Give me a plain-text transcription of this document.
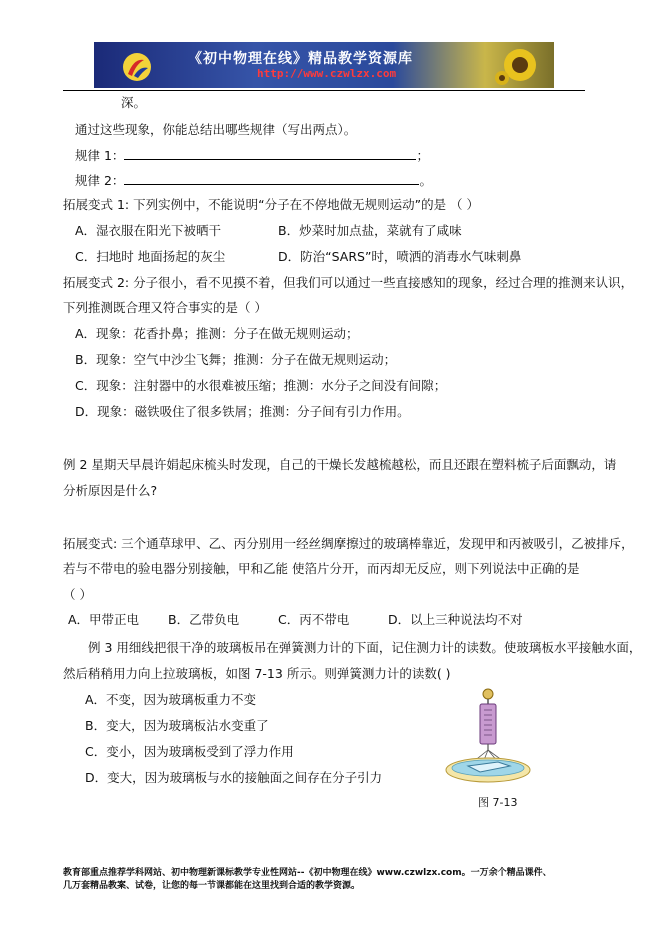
《初中物理在线》精品教学资源库
http://www.czwlzx.com
深。
通过这些现象，你能总结出哪些规律（写出两点）。
规律 1：	；
规律 2：	。
拓展变式 1: 下列实例中，不能说明“分子在不停地做无规则运动”的是 （ ）
A．湿衣服在阳光下被晒干	B．炒菜时加点盐，菜就有了咸味
C．扫地时 地面扬起的灰尘	D．防治“SARS”时，喷洒的消毒水气味刺鼻
拓展变式 2: 分子很小，看不见摸不着，但我们可以通过一些直接感知的现象，经过合理的推测来认识，
下列推测既合理又符合事实的是（ ）
A．现象：花香扑鼻；推测：分子在做无规则运动；
B．现象：空气中沙尘飞舞；推测：分子在做无规则运动；
C．现象：注射器中的水很难被压缩；推测：水分子之间没有间隙；
D．现象：磁铁吸住了很多铁屑；推测：分子间有引力作用。
例 2 星期天早晨许娟起床梳头时发现，自己的干燥长发越梳越松，而且还跟在塑料梳子后面飘动，请
分析原因是什么?
拓展变式: 三个通草球甲、乙、丙分别用一经丝绸摩擦过的玻璃棒靠近，发现甲和丙被吸引，乙被排斥，
若与不带电的验电器分别接触，甲和乙能 使箔片分开，而丙却无反应，则下列说法中正确的是
（ ）
A．甲带正电 B．乙带负电	C．丙不带电	D．以上三种说法均不对
例 3 用细线把很干净的玻璃板吊在弹簧测力计的下面，记住测力计的读数。使玻璃板水平接触水面，
然后稍稍用力向上拉玻璃板，如图 7-13 所示。则弹簧测力计的读数( )
A．不变，因为玻璃板重力不变
B．变大，因为玻璃板沾水变重了
C．变小，因为玻璃板受到了浮力作用
D．变大，因为玻璃板与水的接触面之间存在分子引力
图 7-13
教育部重点推荐学科网站、初中物理新课标教学专业性网站--《初中物理在线》www.czwlzx.com。一万余个精品课件、
几万套精品教案、试卷，让您的每一节课都能在这里找到合适的教学资源。
